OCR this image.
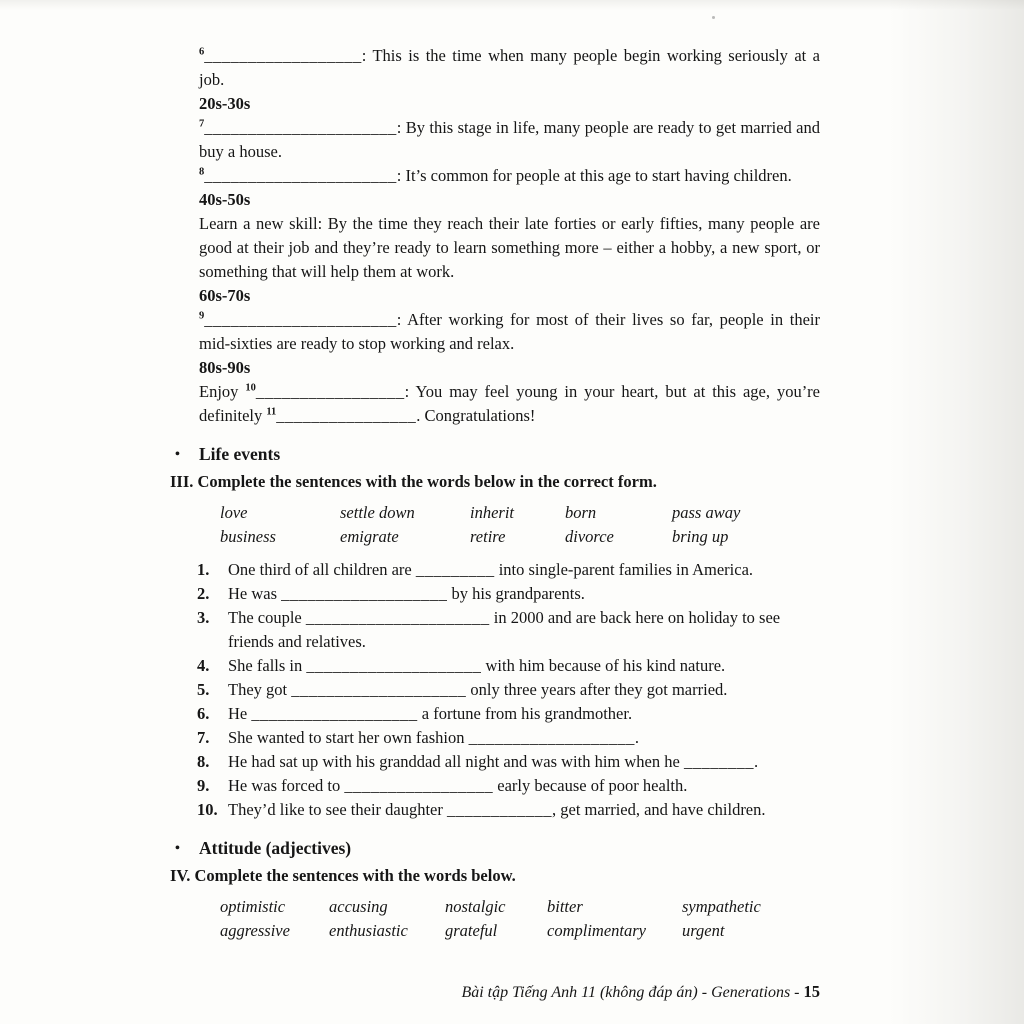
$^6$__________________: This is the time when many people begin working seriously at a job.

20s-30s

$^7$______________________: By this stage in life, many people are ready to get married and buy a house.

$^8$______________________: It’s common for people at this age to start having children.

40s-50s

Learn a new skill: By the time they reach their late forties or early fifties, many people are good at their job and they’re ready to learn something more – either a hobby, a new sport, or something that will help them at work.

60s-70s

$^9$______________________: After working for most of their lives so far, people in their mid-sixties are ready to stop working and relax.

80s-90s

Enjoy $^{10}$_________________: You may feel young in your heart, but at this age, you’re definitely $^{11}$________________. Congratulations!

•	Life events

III. Complete the sentences with the words below in the correct form.

love	settle down	inherit	born	pass away
business	emigrate	retire	divorce	bring up
1.	One third of all children are _________ into single-parent families in America.
2.	He was ___________________ by his grandparents.
3.	The couple _____________________ in 2000 and are back here on holiday to see friends and relatives.
4.	She falls in ____________________ with him because of his kind nature.
5.	They got ____________________ only three years after they got married.
6.	He ___________________ a fortune from his grandmother.
7.	She wanted to start her own fashion ___________________.
8.	He had sat up with his granddad all night and was with him when he ________.
9.	He was forced to _________________ early because of poor health.
10. They’d like to see their daughter ____________, get married, and have children.
•	Attitude (adjectives)

IV. Complete the sentences with the words below.

optimistic	accusing	nostalgic	bitter	sympathetic
aggressive	enthusiastic	grateful	complimentary	urgent
Bài tập Tiếng Anh 11 (không đáp án) - Generations - 15
